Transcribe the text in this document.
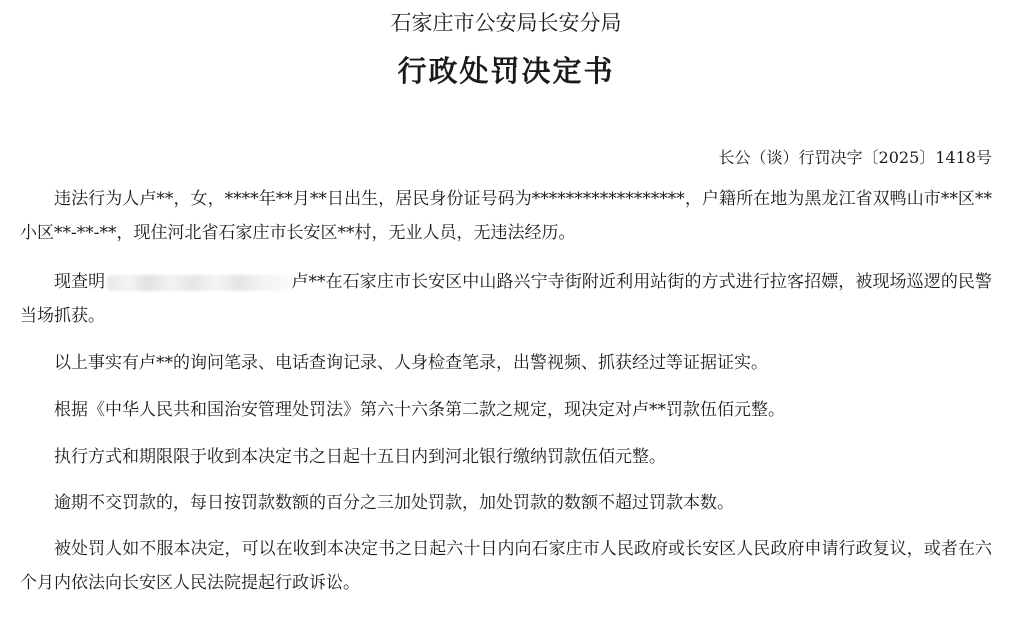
石家庄市公安局长安分局
行政处罚决定书
长公（谈）行罚决字〔2025〕1418号

违法行为人卢**，女，****年**月**日出生，居民身份证号码为******************，户籍所在地为黑龙江省双鸭山市**区**小区**-**-**，现住河北省石家庄市长安区**村，无业人员，无违法经历。

现查明	卢**在石家庄市长安区中山路兴宁寺街附近利用站街的方式进行拉客招嫖，被现场巡逻的民警当场抓获。

以上事实有卢**的询问笔录、电话查询记录、人身检查笔录，出警视频、抓获经过等证据证实。

根据《中华人民共和国治安管理处罚法》第六十六条第二款之规定，现决定对卢**罚款伍佰元整。

执行方式和期限限于收到本决定书之日起十五日内到河北银行缴纳罚款伍佰元整。

逾期不交罚款的，每日按罚款数额的百分之三加处罚款，加处罚款的数额不超过罚款本数。

被处罚人如不服本决定，可以在收到本决定书之日起六十日内向石家庄市人民政府或长安区人民政府申请行政复议，或者在六个月内依法向长安区人民法院提起行政诉讼。
